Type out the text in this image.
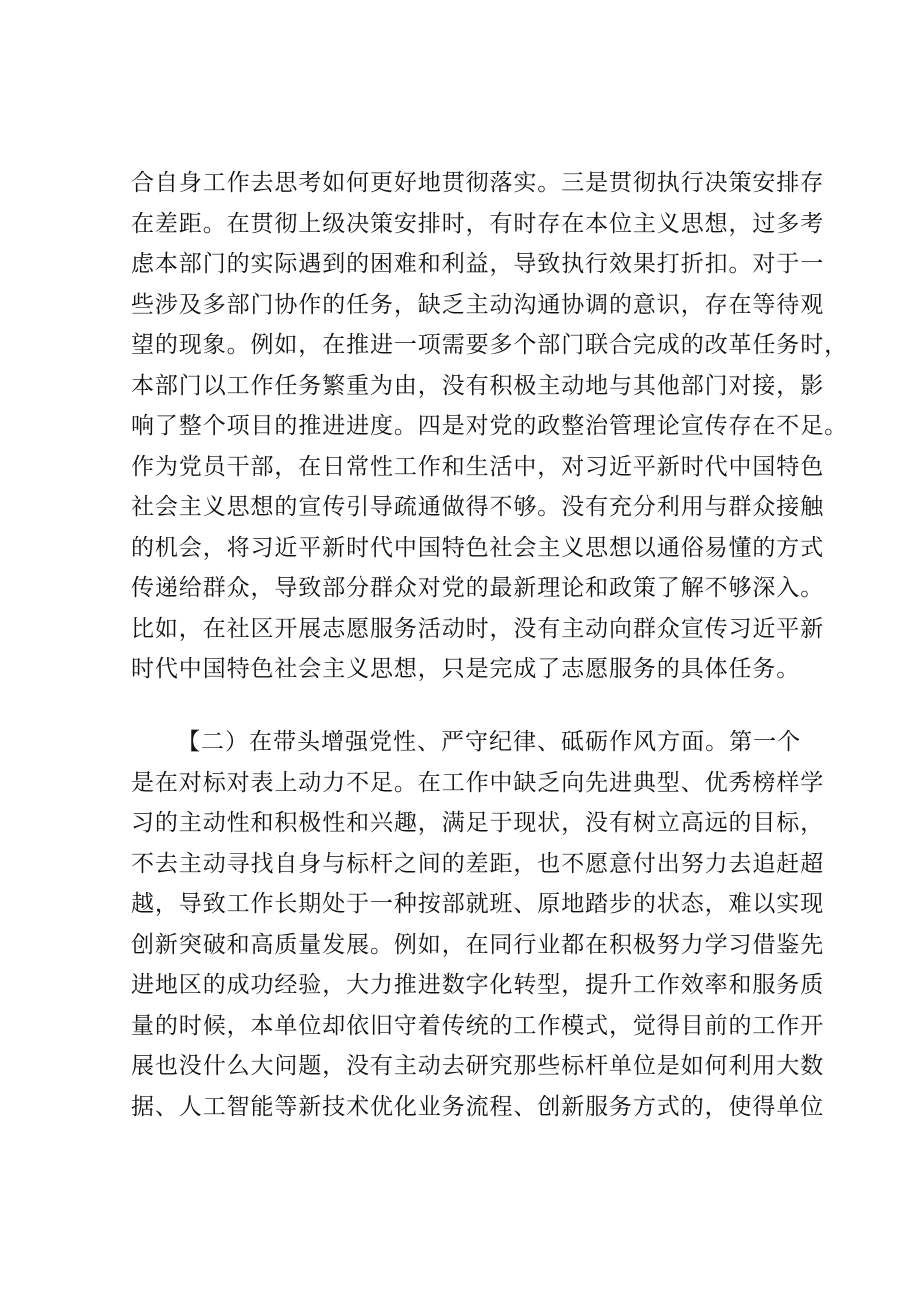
合自身工作去思考如何更好地贯彻落实。三是贯彻执行决策安排存
在差距。在贯彻上级决策安排时，有时存在本位主义思想，过多考
虑本部门的实际遇到的困难和利益，导致执行效果打折扣。对于一
些涉及多部门协作的任务，缺乏主动沟通协调的意识，存在等待观
望的现象。例如，在推进一项需要多个部门联合完成的改革任务时，
本部门以工作任务繁重为由，没有积极主动地与其他部门对接，影
响了整个项目的推进进度。四是对党的政整治管理论宣传存在不足。
作为党员干部，在日常性工作和生活中，对习近平新时代中国特色
社会主义思想的宣传引导疏通做得不够。没有充分利用与群众接触
的机会，将习近平新时代中国特色社会主义思想以通俗易懂的方式
传递给群众，导致部分群众对党的最新理论和政策了解不够深入。
比如，在社区开展志愿服务活动时，没有主动向群众宣传习近平新
时代中国特色社会主义思想，只是完成了志愿服务的具体任务。
【二）在带头增强党性、严守纪律、砥砺作风方面。第一个
是在对标对表上动力不足。在工作中缺乏向先进典型、优秀榜样学
习的主动性和积极性和兴趣，满足于现状，没有树立高远的目标，
不去主动寻找自身与标杆之间的差距，也不愿意付出努力去追赶超
越，导致工作长期处于一种按部就班、原地踏步的状态，难以实现
创新突破和高质量发展。例如，在同行业都在积极努力学习借鉴先
进地区的成功经验，大力推进数字化转型，提升工作效率和服务质
量的时候，本单位却依旧守着传统的工作模式，觉得目前的工作开
展也没什么大问题，没有主动去研究那些标杆单位是如何利用大数
据、人工智能等新技术优化业务流程、创新服务方式的，使得单位
